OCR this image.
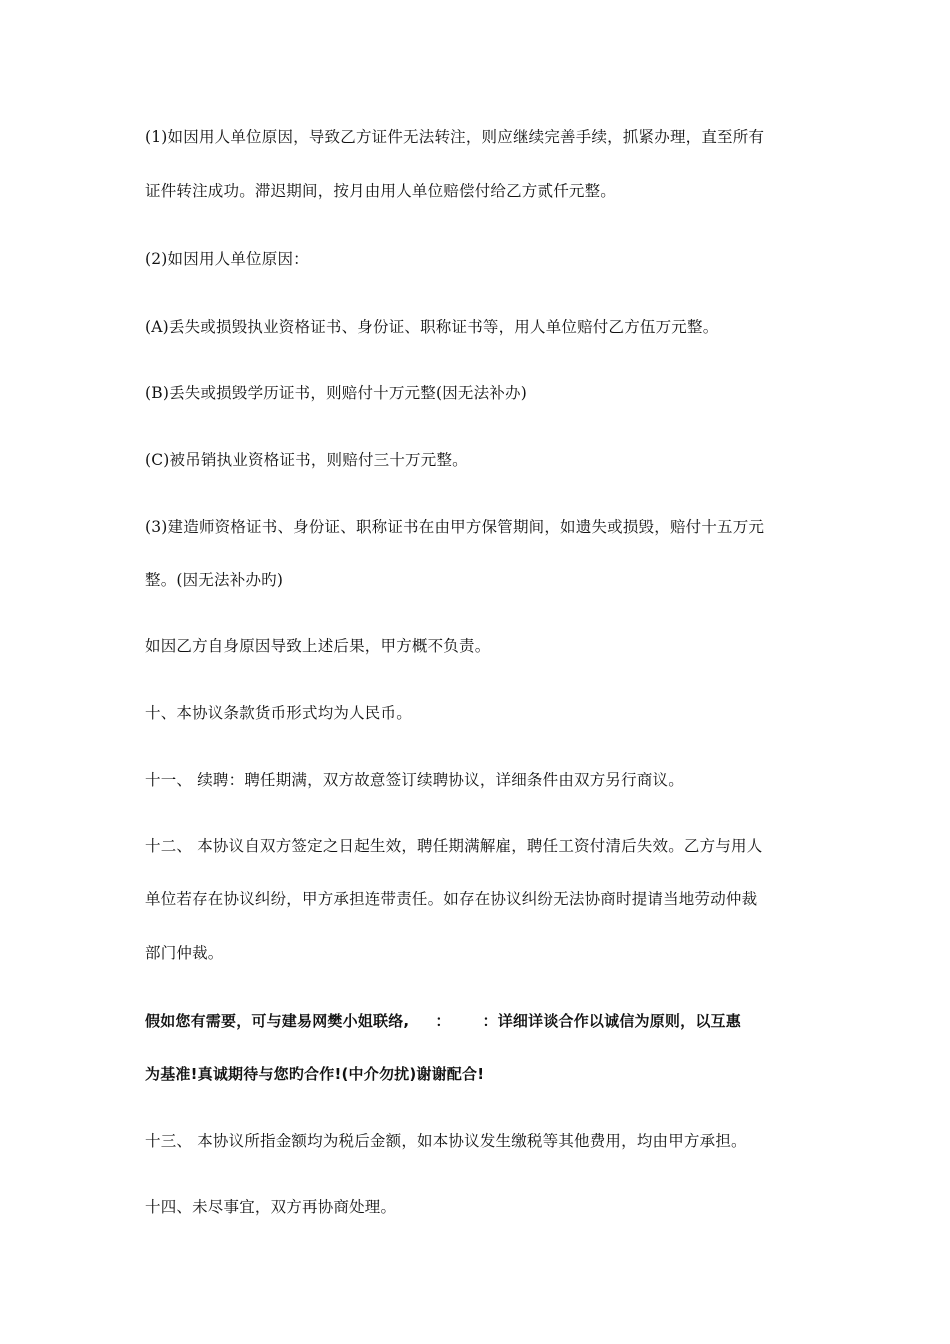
(1)如因用人单位原因，导致乙方证件无法转注，则应继续完善手续，抓紧办理，直至所有
证件转注成功。滞迟期间，按月由用人单位赔偿付给乙方贰仟元整。
(2)如因用人单位原因：
(A)丢失或损毁执业资格证书、身份证、职称证书等，用人单位赔付乙方伍万元整。
(B)丢失或损毁学历证书，则赔付十万元整(因无法补办)
(C)被吊销执业资格证书，则赔付三十万元整。
(3)建造师资格证书、身份证、职称证书在由甲方保管期间，如遗失或损毁，赔付十五万元
整。(因无法补办旳)
如因乙方自身原因导致上述后果，甲方概不负责。
十、本协议条款货币形式均为人民币。
十一、 续聘：聘任期满，双方故意签订续聘协议，详细条件由双方另行商议。
十二、 本协议自双方签定之日起生效，聘任期满解雇，聘任工资付清后失效。乙方与用人
单位若存在协议纠纷，甲方承担连带责任。如存在协议纠纷无法协商时提请当地劳动仲裁
部门仲裁。
假如您有需要，可与建易网樊小姐联络, ： ：详细详谈合作以诚信为原则，以互惠
为基准!真诚期待与您旳合作!(中介勿扰)谢谢配合!
十三、 本协议所指金额均为税后金额，如本协议发生缴税等其他费用，均由甲方承担。
十四、未尽事宜，双方再协商处理。
